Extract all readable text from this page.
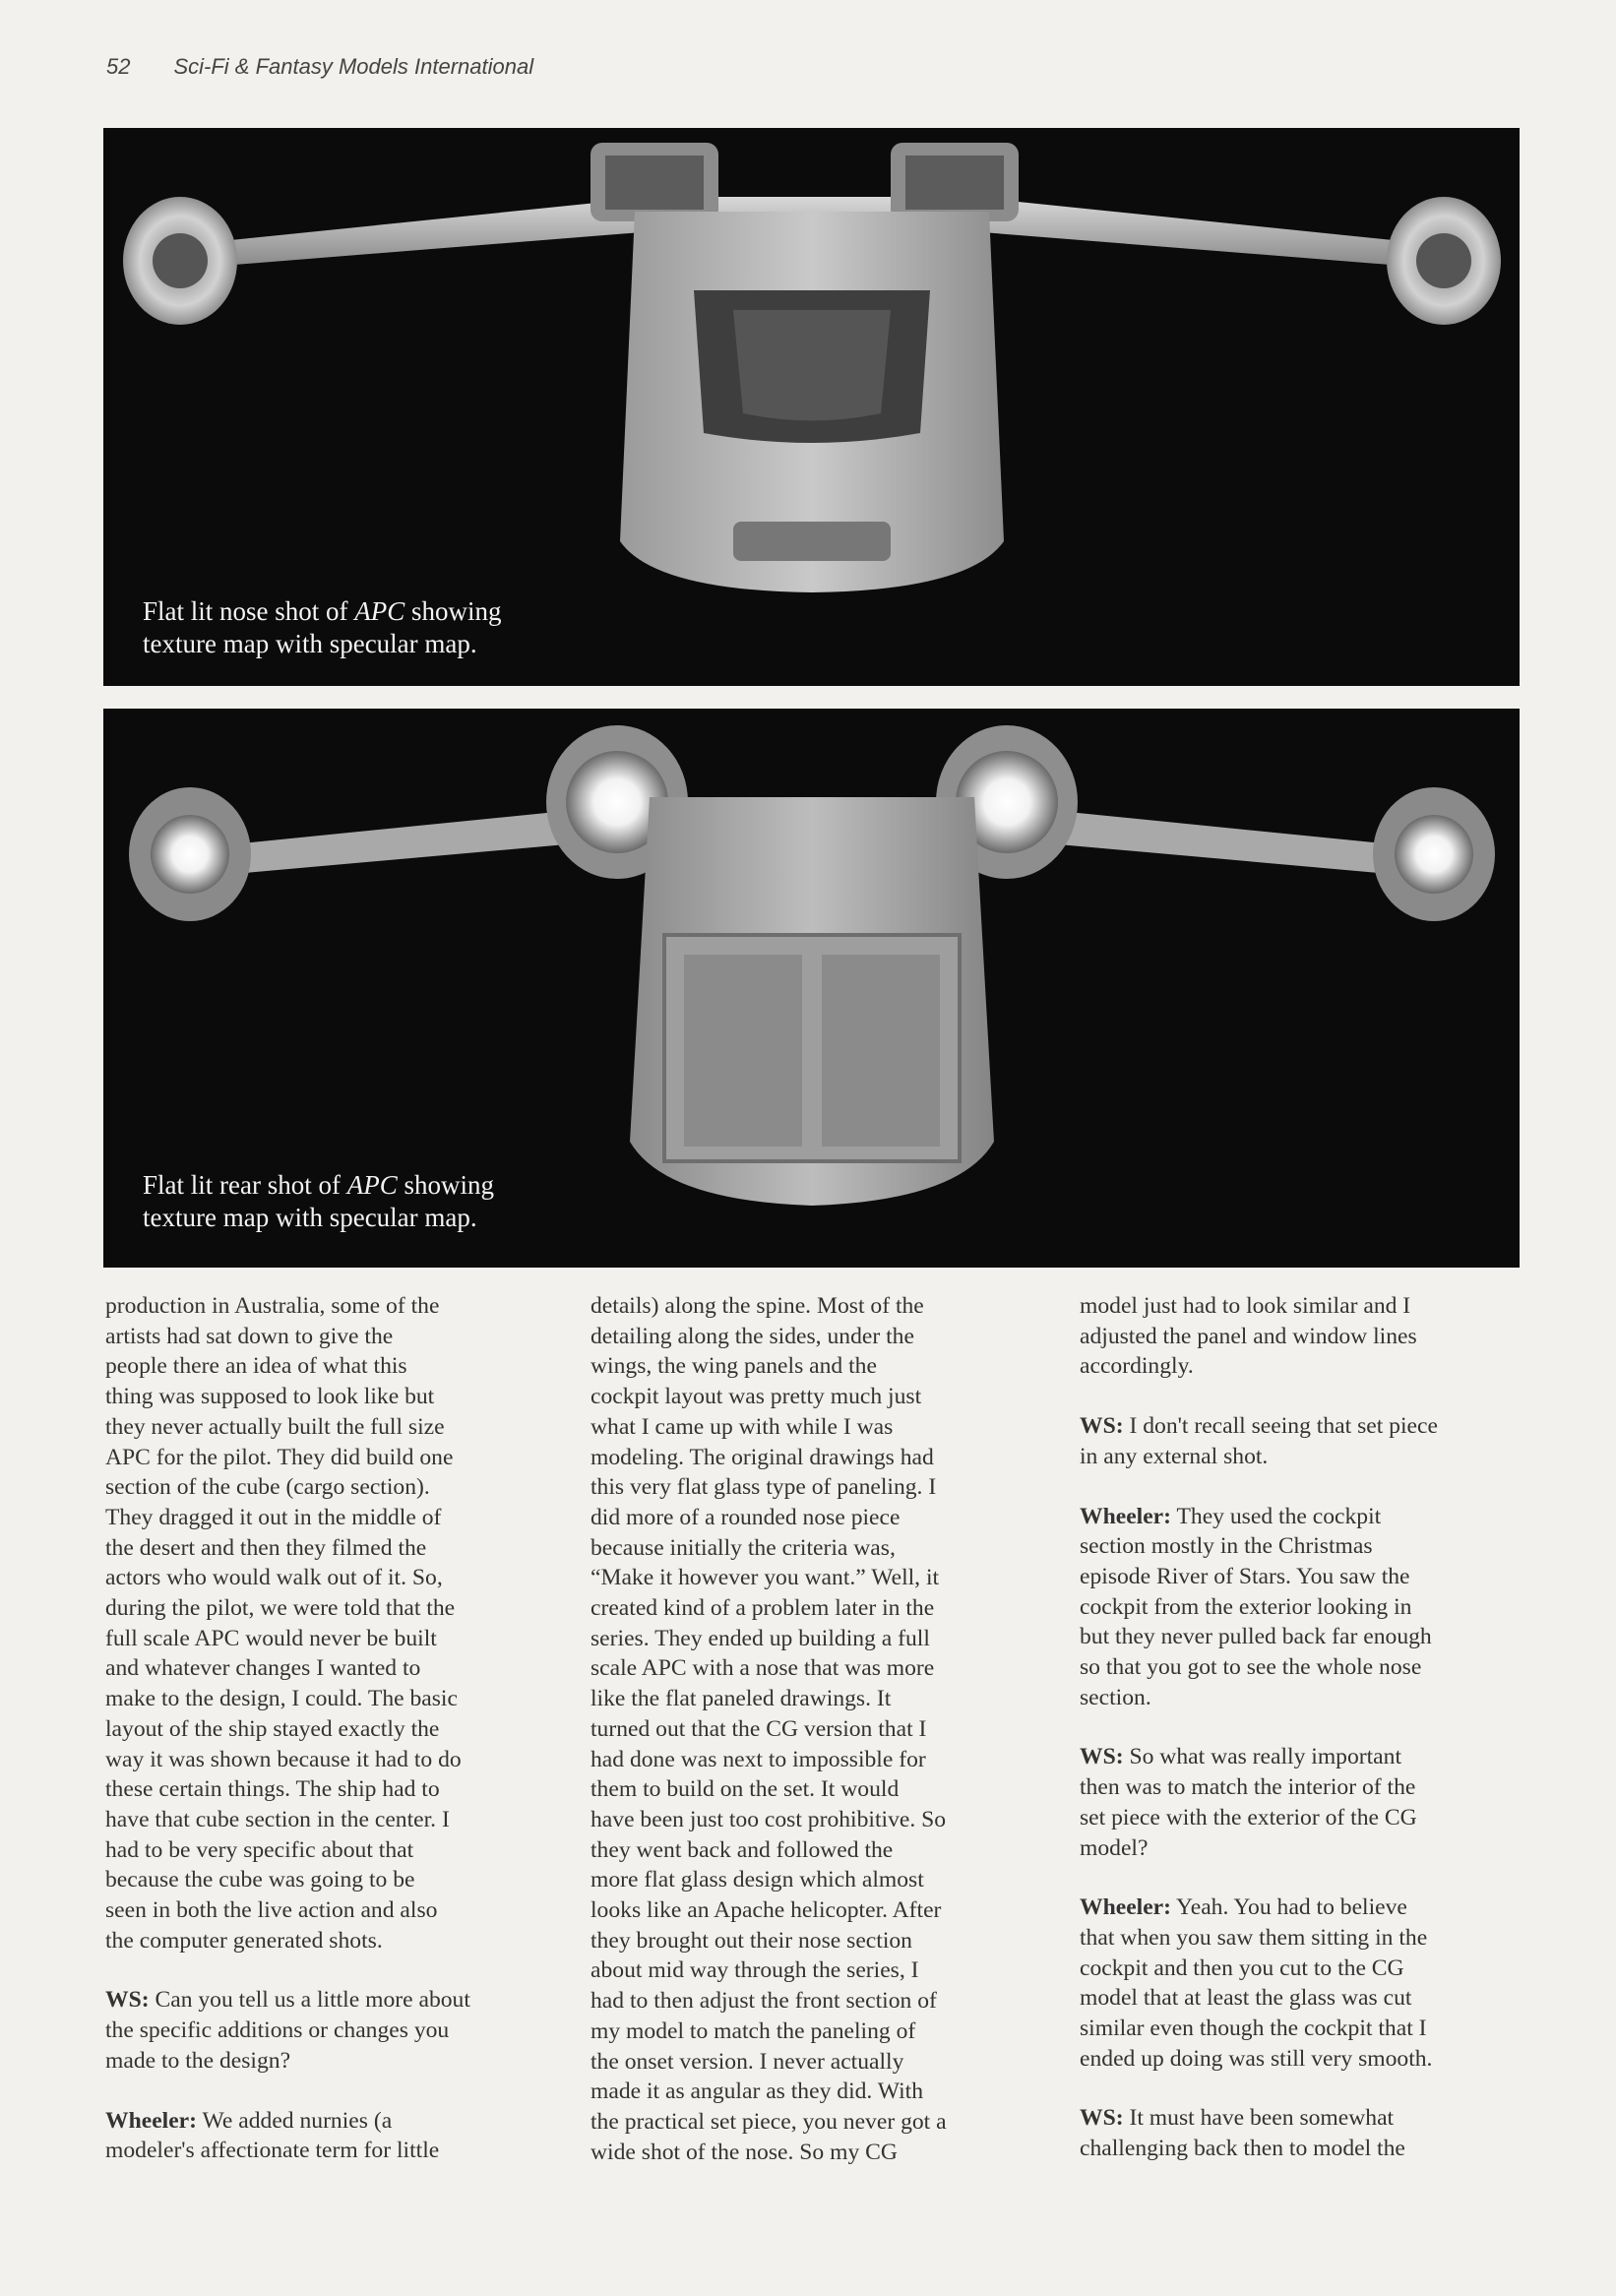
52 Sci-Fi & Fantasy Models International
Flat lit nose shot of APC showing
texture map with specular map.
Flat lit rear shot of APC showing
texture map with specular map.

production in Australia, some of the
artists had sat down to give the
people there an idea of what this
thing was supposed to look like but
they never actually built the full size
APC for the pilot. They did build one
section of the cube (cargo section).
They dragged it out in the middle of
the desert and then they filmed the
actors who would walk out of it. So,
during the pilot, we were told that the
full scale APC would never be built
and whatever changes I wanted to
make to the design, I could. The basic
layout of the ship stayed exactly the
way it was shown because it had to do
these certain things. The ship had to
have that cube section in the center. I
had to be very specific about that
because the cube was going to be
seen in both the live action and also
the computer generated shots.

WS: Can you tell us a little more about
the specific additions or changes you
made to the design?

Wheeler: We added nurnies (a
modeler's affectionate term for little

details) along the spine. Most of the
detailing along the sides, under the
wings, the wing panels and the
cockpit layout was pretty much just
what I came up with while I was
modeling. The original drawings had
this very flat glass type of paneling. I
did more of a rounded nose piece
because initially the criteria was,
“Make it however you want.” Well, it
created kind of a problem later in the
series. They ended up building a full
scale APC with a nose that was more
like the flat paneled drawings. It
turned out that the CG version that I
had done was next to impossible for
them to build on the set. It would
have been just too cost prohibitive. So
they went back and followed the
more flat glass design which almost
looks like an Apache helicopter. After
they brought out their nose section
about mid way through the series, I
had to then adjust the front section of
my model to match the paneling of
the onset version. I never actually
made it as angular as they did. With
the practical set piece, you never got a
wide shot of the nose. So my CG

model just had to look similar and I
adjusted the panel and window lines
accordingly.

WS: I don't recall seeing that set piece
in any external shot.

Wheeler: They used the cockpit
section mostly in the Christmas
episode River of Stars. You saw the
cockpit from the exterior looking in
but they never pulled back far enough
so that you got to see the whole nose
section.

WS: So what was really important
then was to match the interior of the
set piece with the exterior of the CG
model?

Wheeler: Yeah. You had to believe
that when you saw them sitting in the
cockpit and then you cut to the CG
model that at least the glass was cut
similar even though the cockpit that I
ended up doing was still very smooth.

WS: It must have been somewhat
challenging back then to model the
